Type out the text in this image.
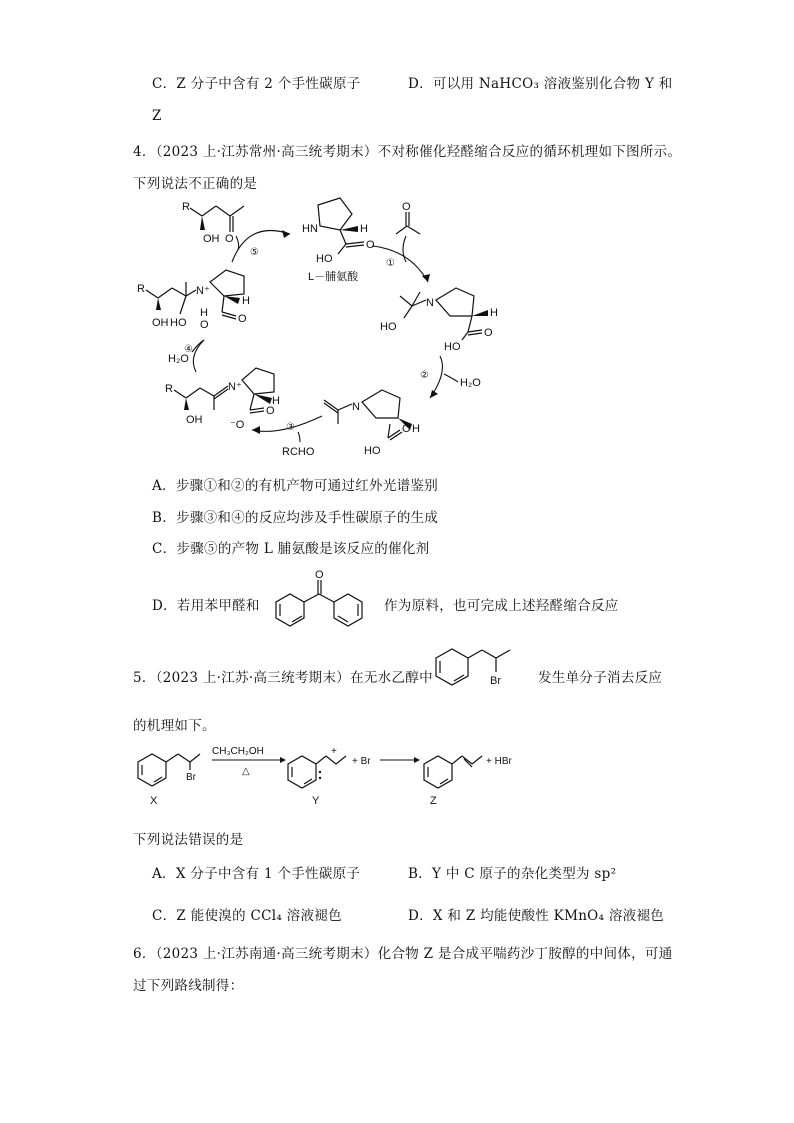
C．Z 分子中含有 2 个手性碳原子	D．可以用 NaHCO₃ 溶液鉴别化合物 Y 和
Z
4．（2023 上·江苏常州·高三统考期末）不对称催化羟醛缩合反应的循环机理如下图所示。
下列说法不正确的是
R
OH O
HN	H
O
HO
L－脯氨酸
O
①
N
H
HO	O
HO
②
H₂O
N
H
O
HO
③
RCHO
R
OH
N⁺
H
O
⁻O
④
H₂O
R
OH HO
N⁺
H
H
O
O
⑤
A．步骤①和②的有机产物可通过红外光谱鉴别
B．步骤③和④的反应均涉及手性碳原子的生成
C．步骤⑤的产物 L 脯氨酸是该反应的催化剂
D．若用苯甲醛和
O
作为原料，也可完成上述羟醛缩合反应
5．（2023 上·江苏·高三统考期末）在无水乙醇中	Br	发生单分子消去反应
的机理如下。
Br
X
CH₃CH₂OH
△
+
Y
+ Br
Z
+ HBr
下列说法错误的是
A．X 分子中含有 1 个手性碳原子	B．Y 中 C 原子的杂化类型为 sp²
C．Z 能使溴的 CCl₄ 溶液褪色	D．X 和 Z 均能使酸性 KMnO₄ 溶液褪色
6．（2023 上·江苏南通·高三统考期末）化合物 Z 是合成平喘药沙丁胺醇的中间体，可通
过下列路线制得：
